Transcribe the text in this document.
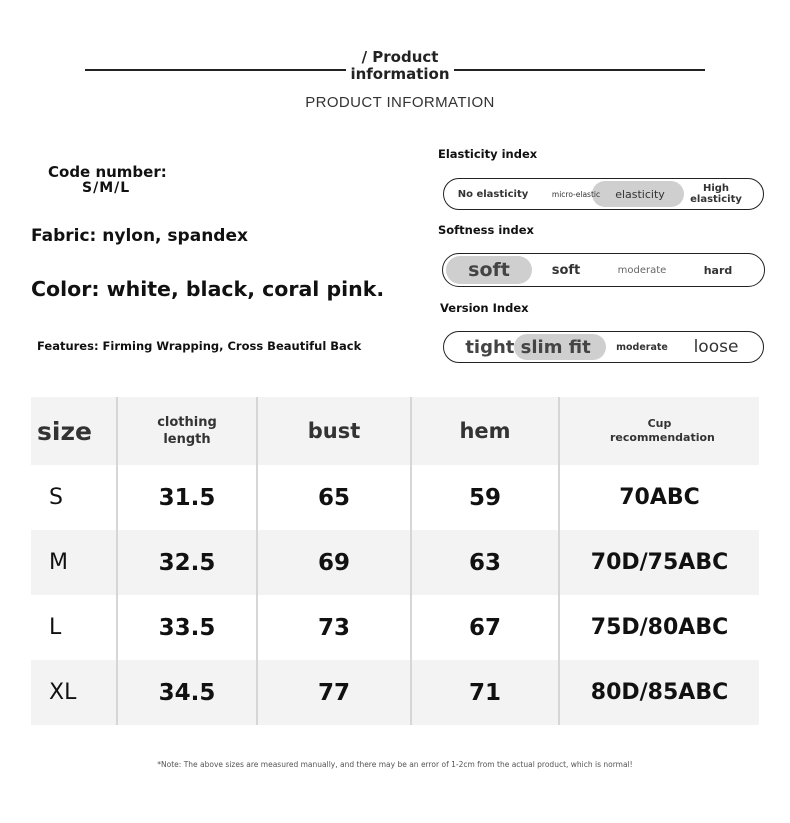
/ Product
information
PRODUCT INFORMATION
Code number:
S/M/L
Fabric: nylon, spandex
Color: white, black, coral pink.
Features: Firming Wrapping, Cross Beautiful Back
Elasticity index
No elasticity	micro-elastic	elasticity	High elasticity
Softness index
soft	soft	moderate	hard
Version Index
tight slim fit	moderate	loose
size	clothing length	bust	hem	Cup recommendation
S	31.5	65	59	70ABC
M	32.5	69	63	70D/75ABC
L	33.5	73	67	75D/80ABC
XL	34.5	77	71	80D/85ABC
*Note: The above sizes are measured manually, and there may be an error of 1-2cm from the actual product, which is normal!
